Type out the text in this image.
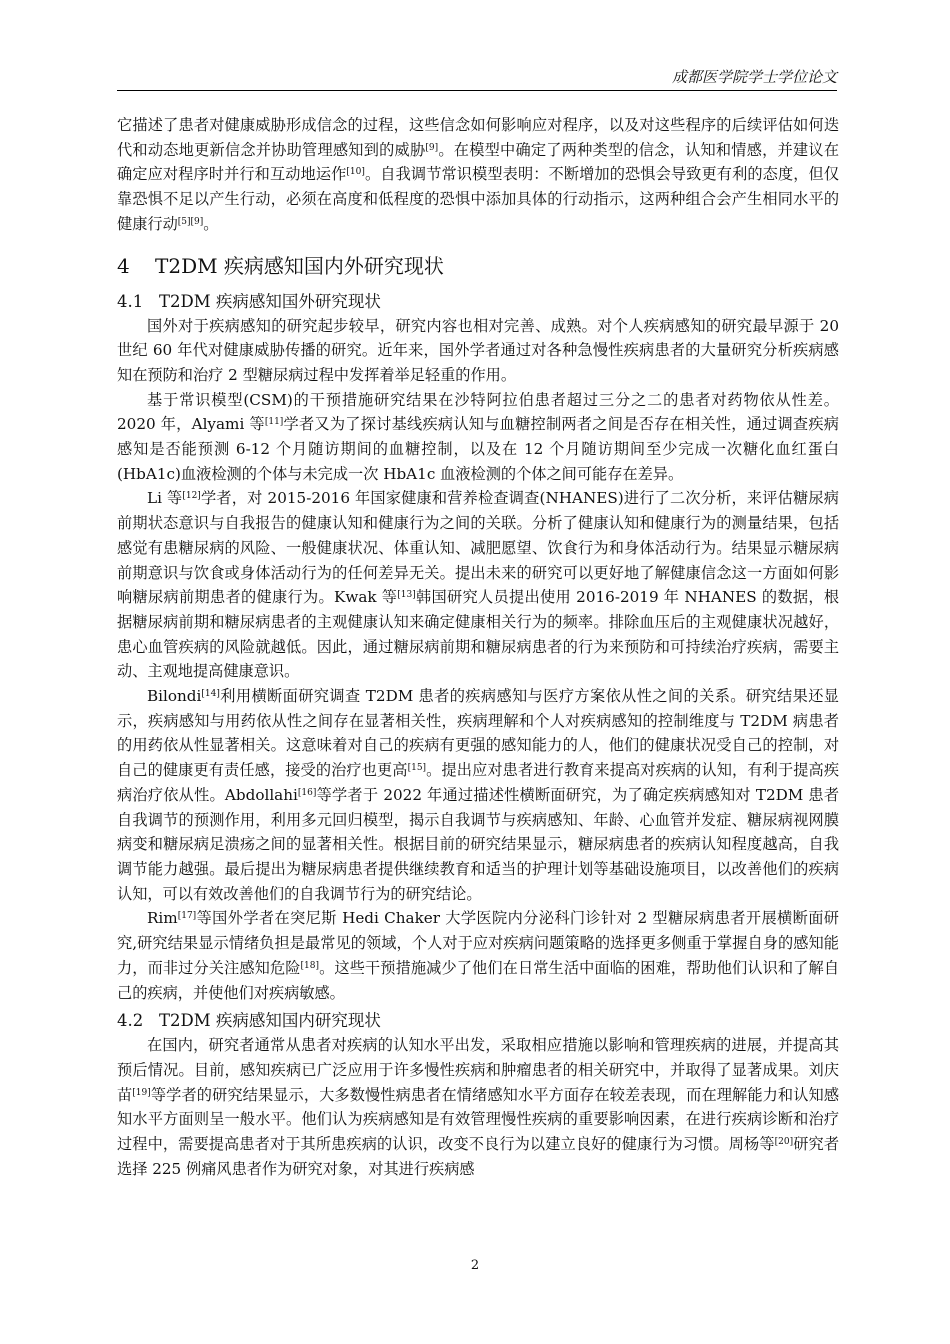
成都医学院学士学位论文

它描述了患者对健康威胁形成信念的过程，这些信念如何影响应对程序，以及对这些程序的后续评估如何迭代和动态地更新信念并协助管理感知到的威胁[9]。在模型中确定了两种类型的信念，认知和情感，并建议在确定应对程序时并行和互动地运作[10]。自我调节常识模型表明：不断增加的恐惧会导致更有利的态度，但仅靠恐惧不足以产生行动，必须在高度和低程度的恐惧中添加具体的行动指示，这两种组合会产生相同水平的健康行动[5][9]。

4 T2DM 疾病感知国内外研究现状
4.1 T2DM 疾病感知国外研究现状

国外对于疾病感知的研究起步较早，研究内容也相对完善、成熟。对个人疾病感知的研究最早源于 20 世纪 60 年代对健康威胁传播的研究。近年来，国外学者通过对各种急慢性疾病患者的大量研究分析疾病感知在预防和治疗 2 型糖尿病过程中发挥着举足轻重的作用。

基于常识模型(CSM)的干预措施研究结果在沙特阿拉伯患者超过三分之二的患者对药物依从性差。2020 年，Alyami 等[11]学者又为了探讨基线疾病认知与血糖控制两者之间是否存在相关性，通过调查疾病感知是否能预测 6-12 个月随访期间的血糖控制，以及在 12 个月随访期间至少完成一次糖化血红蛋白(HbA1c)血液检测的个体与未完成一次 HbA1c 血液检测的个体之间可能存在差异。

Li 等[12]学者，对 2015-2016 年国家健康和营养检查调查(NHANES)进行了二次分析，来评估糖尿病前期状态意识与自我报告的健康认知和健康行为之间的关联。分析了健康认知和健康行为的测量结果，包括感觉有患糖尿病的风险、一般健康状况、体重认知、减肥愿望、饮食行为和身体活动行为。结果显示糖尿病前期意识与饮食或身体活动行为的任何差异无关。提出未来的研究可以更好地了解健康信念这一方面如何影响糖尿病前期患者的健康行为。Kwak 等[13]韩国研究人员提出使用 2016-2019 年 NHANES 的数据，根据糖尿病前期和糖尿病患者的主观健康认知来确定健康相关行为的频率。排除血压后的主观健康状况越好，患心血管疾病的风险就越低。因此，通过糖尿病前期和糖尿病患者的行为来预防和可持续治疗疾病，需要主动、主观地提高健康意识。

Bilondi[14]利用横断面研究调查 T2DM 患者的疾病感知与医疗方案依从性之间的关系。研究结果还显示，疾病感知与用药依从性之间存在显著相关性，疾病理解和个人对疾病感知的控制维度与 T2DM 病患者的用药依从性显著相关。这意味着对自己的疾病有更强的感知能力的人，他们的健康状况受自己的控制，对自己的健康更有责任感，接受的治疗也更高[15]。提出应对患者进行教育来提高对疾病的认知，有利于提高疾病治疗依从性。Abdollahi[16]等学者于 2022 年通过描述性横断面研究，为了确定疾病感知对 T2DM 患者自我调节的预测作用，利用多元回归模型，揭示自我调节与疾病感知、年龄、心血管并发症、糖尿病视网膜病变和糖尿病足溃疡之间的显著相关性。根据目前的研究结果显示，糖尿病患者的疾病认知程度越高，自我调节能力越强。最后提出为糖尿病患者提供继续教育和适当的护理计划等基础设施项目，以改善他们的疾病认知，可以有效改善他们的自我调节行为的研究结论。

Rim[17]等国外学者在突尼斯 Hedi Chaker 大学医院内分泌科门诊针对 2 型糖尿病患者开展横断面研究,研究结果显示情绪负担是最常见的领域，个人对于应对疾病问题策略的选择更多侧重于掌握自身的感知能力，而非过分关注感知危险[18]。这些干预措施减少了他们在日常生活中面临的困难，帮助他们认识和了解自己的疾病，并使他们对疾病敏感。

4.2 T2DM 疾病感知国内研究现状

在国内，研究者通常从患者对疾病的认知水平出发，采取相应措施以影响和管理疾病的进展，并提高其预后情况。目前，感知疾病已广泛应用于许多慢性疾病和肿瘤患者的相关研究中，并取得了显著成果。刘庆苗[19]等学者的研究结果显示，大多数慢性病患者在情绪感知水平方面存在较差表现，而在理解能力和认知感知水平方面则呈一般水平。他们认为疾病感知是有效管理慢性疾病的重要影响因素，在进行疾病诊断和治疗过程中，需要提高患者对于其所患疾病的认识，改变不良行为以建立良好的健康行为习惯。周杨等[20]研究者选择 225 例痛风患者作为研究对象，对其进行疾病感

2
